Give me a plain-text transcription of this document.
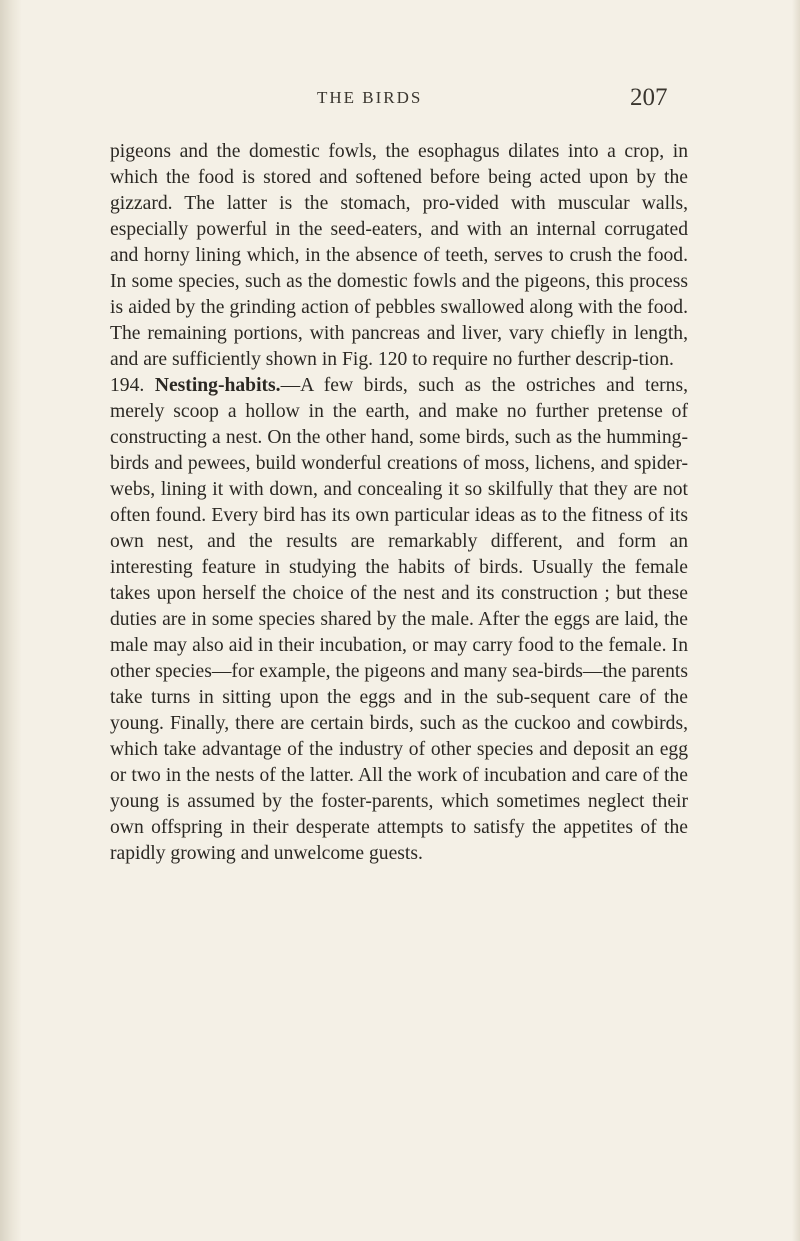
THE BIRDS	207

pigeons and the domestic fowls, the esophagus dilates into a crop, in which the food is stored and softened before being acted upon by the gizzard. The latter is the stomach, pro-vided with muscular walls, especially powerful in the seed-eaters, and with an internal corrugated and horny lining which, in the absence of teeth, serves to crush the food. In some species, such as the domestic fowls and the pigeons, this process is aided by the grinding action of pebbles swallowed along with the food. The remaining portions, with pancreas and liver, vary chiefly in length, and are sufficiently shown in Fig. 120 to require no further descrip-tion.

194. Nesting-habits.—A few birds, such as the ostriches and terns, merely scoop a hollow in the earth, and make no further pretense of constructing a nest. On the other hand, some birds, such as the humming-birds and pewees, build wonderful creations of moss, lichens, and spider-webs, lining it with down, and concealing it so skilfully that they are not often found. Every bird has its own particular ideas as to the fitness of its own nest, and the results are remarkably different, and form an interesting feature in studying the habits of birds. Usually the female takes upon herself the choice of the nest and its construction ; but these duties are in some species shared by the male. After the eggs are laid, the male may also aid in their incubation, or may carry food to the female. In other species—for example, the pigeons and many sea-birds—the parents take turns in sitting upon the eggs and in the sub-sequent care of the young. Finally, there are certain birds, such as the cuckoo and cowbirds, which take advantage of the industry of other species and deposit an egg or two in the nests of the latter. All the work of incubation and care of the young is assumed by the foster-parents, which sometimes neglect their own offspring in their desperate attempts to satisfy the appetites of the rapidly growing and unwelcome guests.
